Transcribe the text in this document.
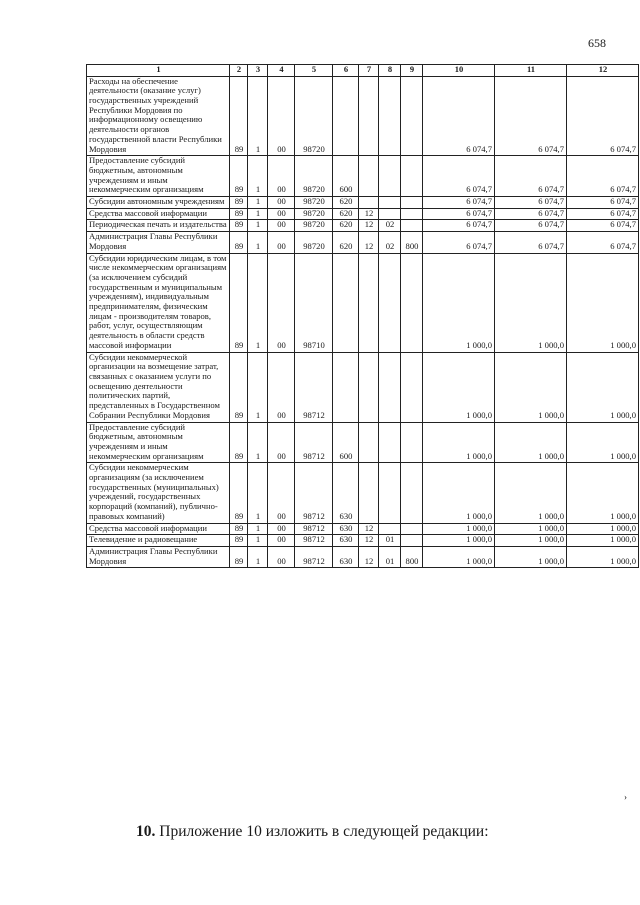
658
1	2	3	4	5	6	7	8	9	10	11	12
Расходы на обеспечение деятельности (оказание услуг) государственных учреждений Республики Мордовия по информационному освещению деятельности органов государственной власти Республики Мордовия	89	1	00	98720					6 074,7	6 074,7	6 074,7
Предоставление субсидий бюджетным, автономным учреждениям и иным некоммерческим организациям	89	1	00	98720	600				6 074,7	6 074,7	6 074,7
Субсидии автономным учреждениям	89	1	00	98720	620				6 074,7	6 074,7	6 074,7
Средства массовой информации	89	1	00	98720	620	12			6 074,7	6 074,7	6 074,7
Периодическая печать и издательства	89	1	00	98720	620	12	02		6 074,7	6 074,7	6 074,7
Администрация Главы Республики Мордовия	89	1	00	98720	620	12	02	800	6 074,7	6 074,7	6 074,7
Субсидии юридическим лицам, в том числе некоммерческим организациям (за исключением субсидий государственным и муниципальным учреждениям), индивидуальным предпринимателям, физическим лицам - производителям товаров, работ, услуг, осуществляющим деятельность в области средств массовой информации	89	1	00	98710					1 000,0	1 000,0	1 000,0
Субсидии некоммерческой организации на возмещение затрат, связанных с оказанием услуги по освещению деятельности политических партий, представленных в Государственном Собрании Республики Мордовия	89	1	00	98712					1 000,0	1 000,0	1 000,0
Предоставление субсидий бюджетным, автономным учреждениям и иным некоммерческим организациям	89	1	00	98712	600				1 000,0	1 000,0	1 000,0
Субсидии некоммерческим организациям (за исключением государственных (муниципальных) учреждений, государственных корпораций (компаний), публично-правовых компаний)	89	1	00	98712	630				1 000,0	1 000,0	1 000,0
Средства массовой информации	89	1	00	98712	630	12			1 000,0	1 000,0	1 000,0
Телевидение и радиовещание	89	1	00	98712	630	12	01		1 000,0	1 000,0	1 000,0
Администрация Главы Республики Мордовия	89	1	00	98712	630	12	01	800	1 000,0	1 000,0	1 000,0
›
10. Приложение 10 изложить в следующей редакции:
